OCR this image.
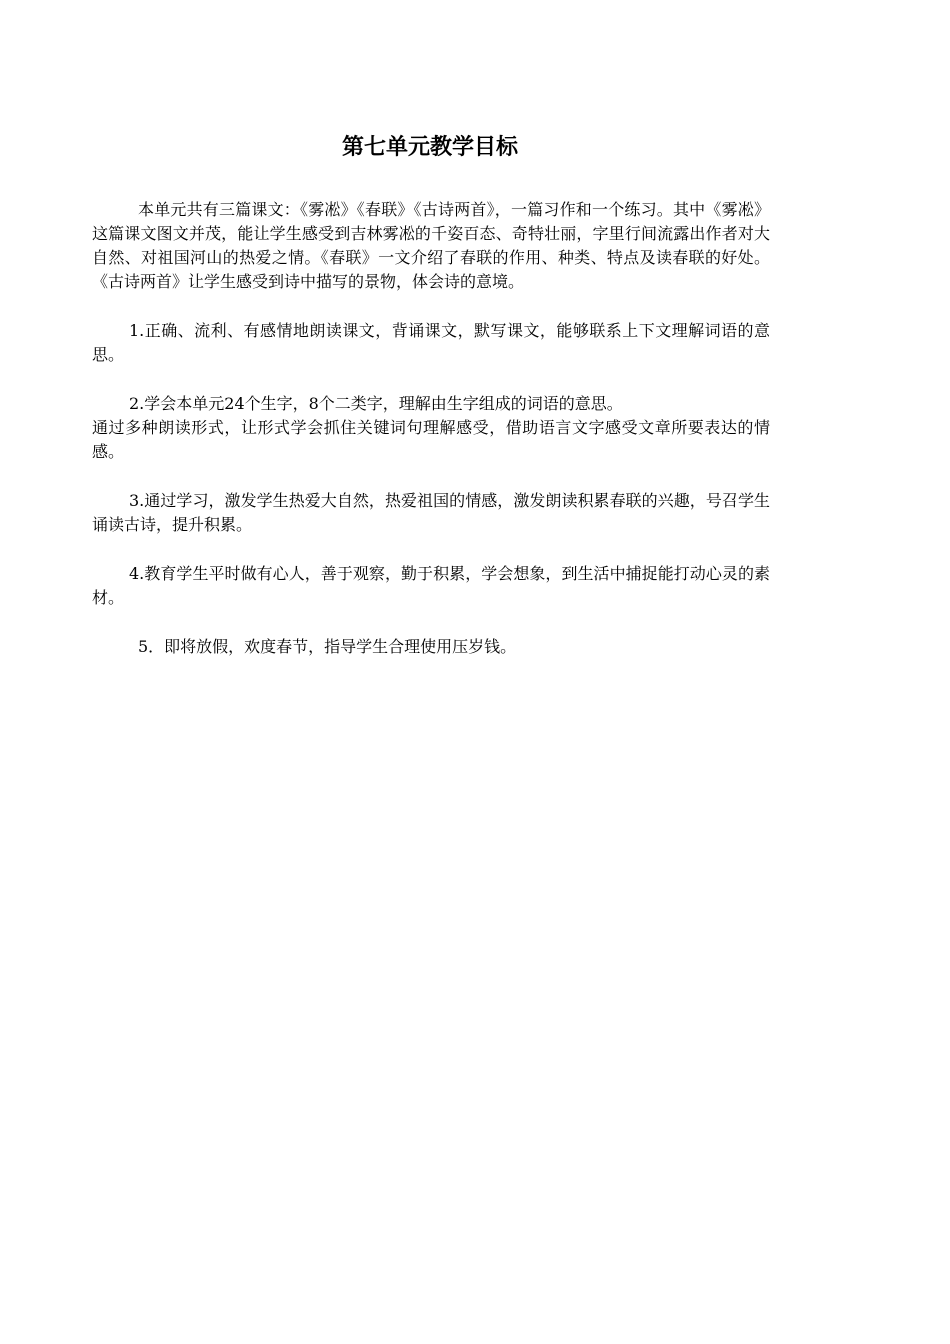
第七单元教学目标

本单元共有三篇课文：《雾凇》《春联》《古诗两首》，一篇习作和一个练习。其中《雾凇》这篇课文图文并茂，能让学生感受到吉林雾凇的千姿百态、奇特壮丽，字里行间流露出作者对大自然、对祖国河山的热爱之情。《春联》一文介绍了春联的作用、种类、特点及读春联的好处。《古诗两首》让学生感受到诗中描写的景物，体会诗的意境。

1.正确、流利、有感情地朗读课文，背诵课文，默写课文，能够联系上下文理解词语的意思。

2.学会本单元24个生字，8个二类字，理解由生字组成的词语的意思。

通过多种朗读形式，让形式学会抓住关键词句理解感受，借助语言文字感受文章所要表达的情感。

3.通过学习，激发学生热爱大自然，热爱祖国的情感，激发朗读积累春联的兴趣，号召学生诵读古诗，提升积累。

4.教育学生平时做有心人，善于观察，勤于积累，学会想象，到生活中捕捉能打动心灵的素材。

5．即将放假，欢度春节，指导学生合理使用压岁钱。
